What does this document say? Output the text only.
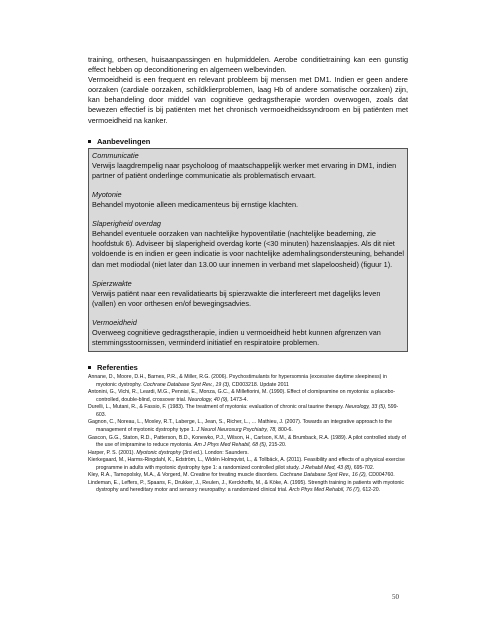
training, orthesen, huisaanpassingen en hulpmiddelen. Aerobe conditietraining kan een gunstig effect hebben op deconditionering en algemeen welbevinden.

Vermoeidheid is een frequent en relevant probleem bij mensen met DM1. Indien er geen andere oorzaken (cardiale oorzaken, schildklierproblemen, laag Hb of andere somatische oorzaken) zijn, kan behandeling door middel van cognitieve gedragstherapie worden overwogen, zoals dat bewezen effectief is bij patiënten met het chronisch vermoeidheidssyndroom en bij patiënten met vermoeidheid na kanker.

Aanbevelingen
Communicatie
Verwijs laagdrempelig naar psycholoog of maatschappelijk werker met ervaring in DM1, indien partner of patiënt onderlinge communicatie als problematisch ervaart.
Myotonie
Behandel myotonie alleen medicamenteus bij ernstige klachten.
Slaperigheid overdag
Behandel eventuele oorzaken van nachtelijke hypoventilatie (nachtelijke beademing, zie hoofdstuk 6). Adviseer bij slaperigheid overdag korte (<30 minuten) hazenslaapjes. Als dit niet voldoende is en indien er geen indicatie is voor nachtelijke ademhalingsondersteuning, behandel dan met modiodal (niet later dan 13.00 uur innemen in verband met slapeloosheid) (figuur 1).
Spierzwakte
Verwijs patiënt naar een revalidatiearts bij spierzwakte die interfereert met dagelijks leven (vallen) en voor orthesen en/of bewegingsadvies.
Vermoeidheid
Overweeg cognitieve gedragstherapie, indien u vermoeidheid hebt kunnen afgrenzen van stemmingsstoornissen, verminderd initiatief en respiratoire problemen.
Referenties

Annane, D., Moore, D.H., Barnes, P.R., & Miller, R.G. (2006). Psychostimulants for hypersomnia (excessive daytime sleepiness) in myotonic dystrophy. Cochrane Database Syst Rev., 19 (3), CD003218. Update 2011

Antonini, G., Vichi, R., Leardi, M.G., Pennisi, E., Monza, G.C., & Millefiorini, M. (1990). Effect of clomipramine on myotonia: a placebo-controlled, double-blind, crossover trial. Neurology, 40 (9), 1473-4.

Durelli, L., Mutani, R., & Fassio, F. (1983). The treatment of myotonia: evaluation of chronic oral taurine therapy. Neurology, 33 (5), 599-603.

Gagnon, C., Noreau, L., Moxley, R.T., Laberge, L., Jean, S., Richer, L., … Mathieu, J. (2007). Towards an integrative approach to the management of myotonic dystrophy type 1. J Neurol Neurosurg Psychiatry, 78, 800-6.

Gascon, G.G., Staton, R.D., Patterson, B.D., Konewko, P.J., Wilson, H., Carlson, K.M., & Brumback, R.A. (1989). A pilot controlled study of the use of imipramine to reduce myotonia. Am J Phys Med Rehabil, 68 (5), 215-20.

Harper, P. S. (2001). Myotonic dystrophy (3rd ed.). London: Saunders.

Kierkegaard, M., Harms-Ringdahl, K., Edström, L., Widén Holmqvist, L., & Tollbäck, A. (2011). Feasibility and effects of a physical exercise programme in adults with myotonic dystrophy type 1: a randomized controlled pilot study. J Rehabil Med, 43 (8), 695-702.

Kley, R.A., Tarnopolsky, M.A., & Vorgerd, M. Creatine for treating muscle disorders. Cochrane Database Syst Rev., 16 (2), CD004760.

Lindeman, E., Leffers, P., Spaans, F., Drukker, J., Reulen, J., Kerckhoffs, M., & Köke, A. (1995). Strength training in patients with myotonic dystrophy and hereditary motor and sensory neuropathy: a randomized clinical trial. Arch Phys Med Rehabil, 76 (7), 612-20.

50
